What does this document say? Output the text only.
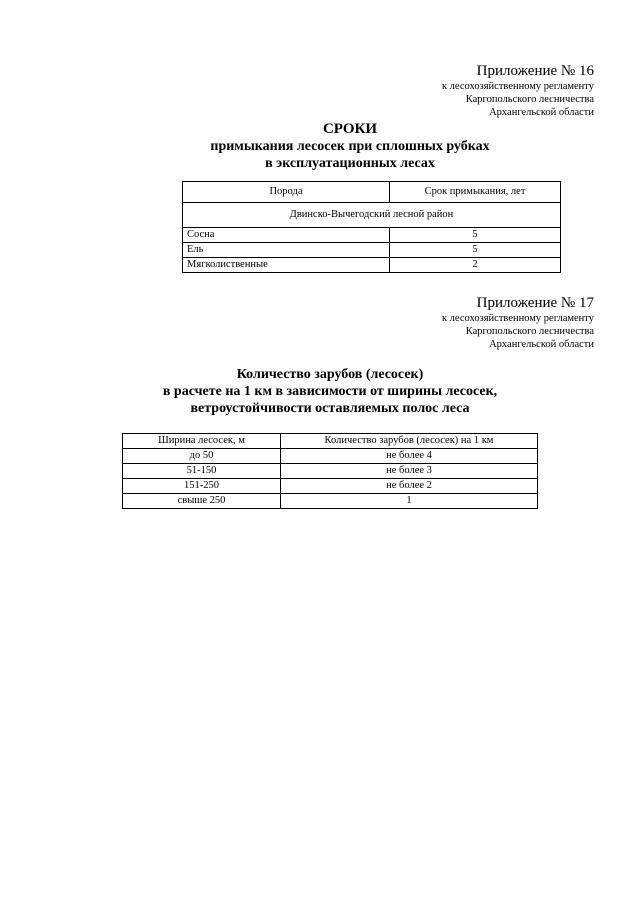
Приложение № 16
к лесохозяйственному регламенту
Каргопольского лесничества
Архангельской области
СРОКИ
примыкания лесосек при сплошных рубках
в эксплуатационных лесах
Порода	Срок примыкания, лет
Двинско-Вычегодский лесной район	
Сосна	5
Ель	5
Мягколиственные	2
Приложение № 17
к лесохозяйственному регламенту
Каргопольского лесничества
Архангельской области
Количество зарубов (лесосек)
в расчете на 1 км в зависимости от ширины лесосек,
ветроустойчивости оставляемых полос леса
Ширина лесосек, м	Количество зарубов (лесосек) на 1 км
до 50	не более 4
51-150	не более 3
151-250	не более 2
свыше 250	1
